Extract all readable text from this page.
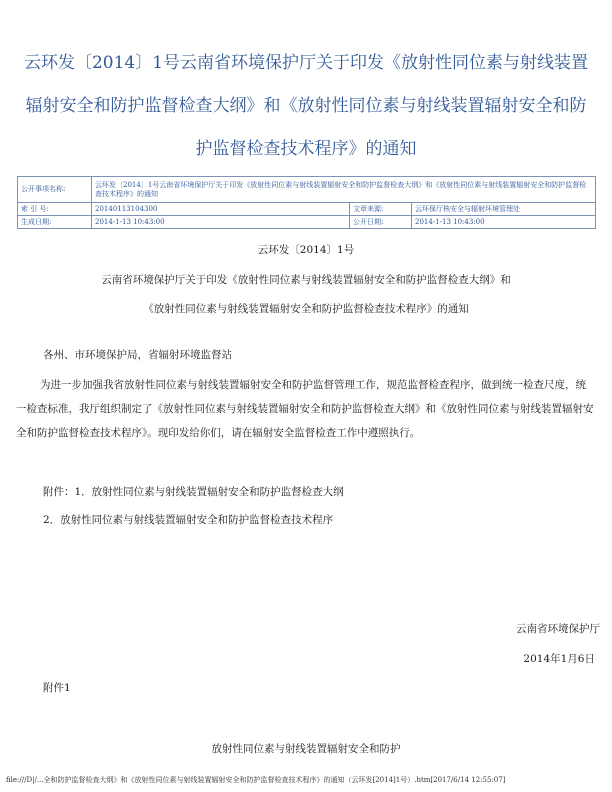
云环发〔2014〕1号云南省环境保护厅关于印发《放射性同位素与射线装置辐射安全和防护监督检查大纲》和《放射性同位素与射线装置辐射安全和防护监督检查技术程序》的通知
公开事项名称:	云环发〔2014〕1号云南省环境保护厅关于印发《放射性同位素与射线装置辐射安全和防护监督检查大纲》和《放射性同位素与射线装置辐射安全和防护监督检查技术程序》的通知		
索 引 号:	20140113104300	文章来源:	云环保厅核安全与辐射环境管理处
生成日期:	2014-1-13 10:43:00	公开日期:	2014-1-13 10:43:00
云环发〔2014〕1号
云南省环境保护厅关于印发《放射性同位素与射线装置辐射安全和防护监督检查大纲》和
《放射性同位素与射线装置辐射安全和防护监督检查技术程序》的通知

各州、市环境保护局，省辐射环境监督站

为进一步加强我省放射性同位素与射线装置辐射安全和防护监督管理工作，规范监督检查程序，做到统一检查尺度，统一检查标准，我厅组织制定了《放射性同位素与射线装置辐射安全和防护监督检查大纲》和《放射性同位素与射线装置辐射安全和防护监督检查技术程序》。现印发给你们，请在辐射安全监督检查工作中遵照执行。

附件：1．放射性同位素与射线装置辐射安全和防护监督检查大纲

2．放射性同位素与射线装置辐射安全和防护监督检查技术程序

云南省环境保护厅
2014年1月6日
附件1
放射性同位素与射线装置辐射安全和防护
file:///D|/...全和防护监督检查大纲》和《放射性同位素与射线装置辐射安全和防护监督检查技术程序》的通知（云环发[2014]1号）.htm[2017/6/14 12:55:07]
